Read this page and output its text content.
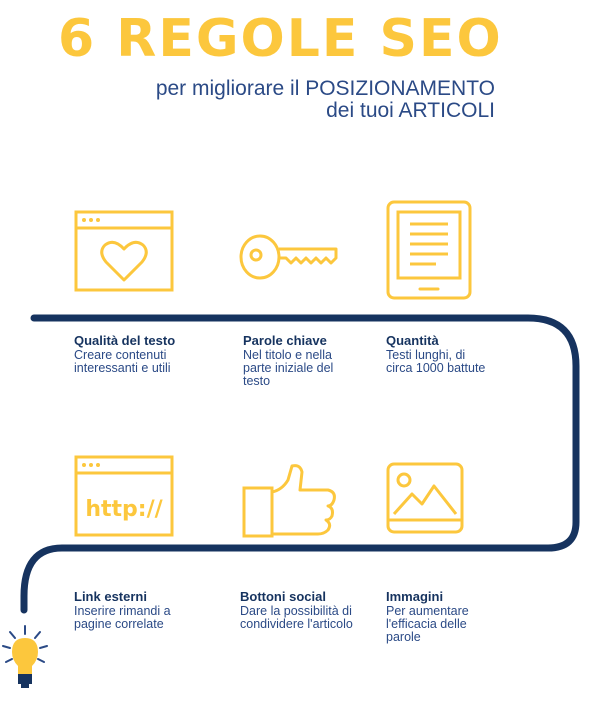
6 REGOLE SEO
per migliorare il POSIZIONAMENTO
dei tuoi ARTICOLI
http://
Qualità del testo
Creare contenuti interessanti e utili
Parole chiave
Nel titolo e nella parte iniziale del testo
Quantità
Testi lunghi, di circa 1000 battute
Link esterni
Inserire rimandi a pagine correlate
Bottoni social
Dare la possibilità di condividere l'articolo
Immagini
Per aumentare l'efficacia delle parole
